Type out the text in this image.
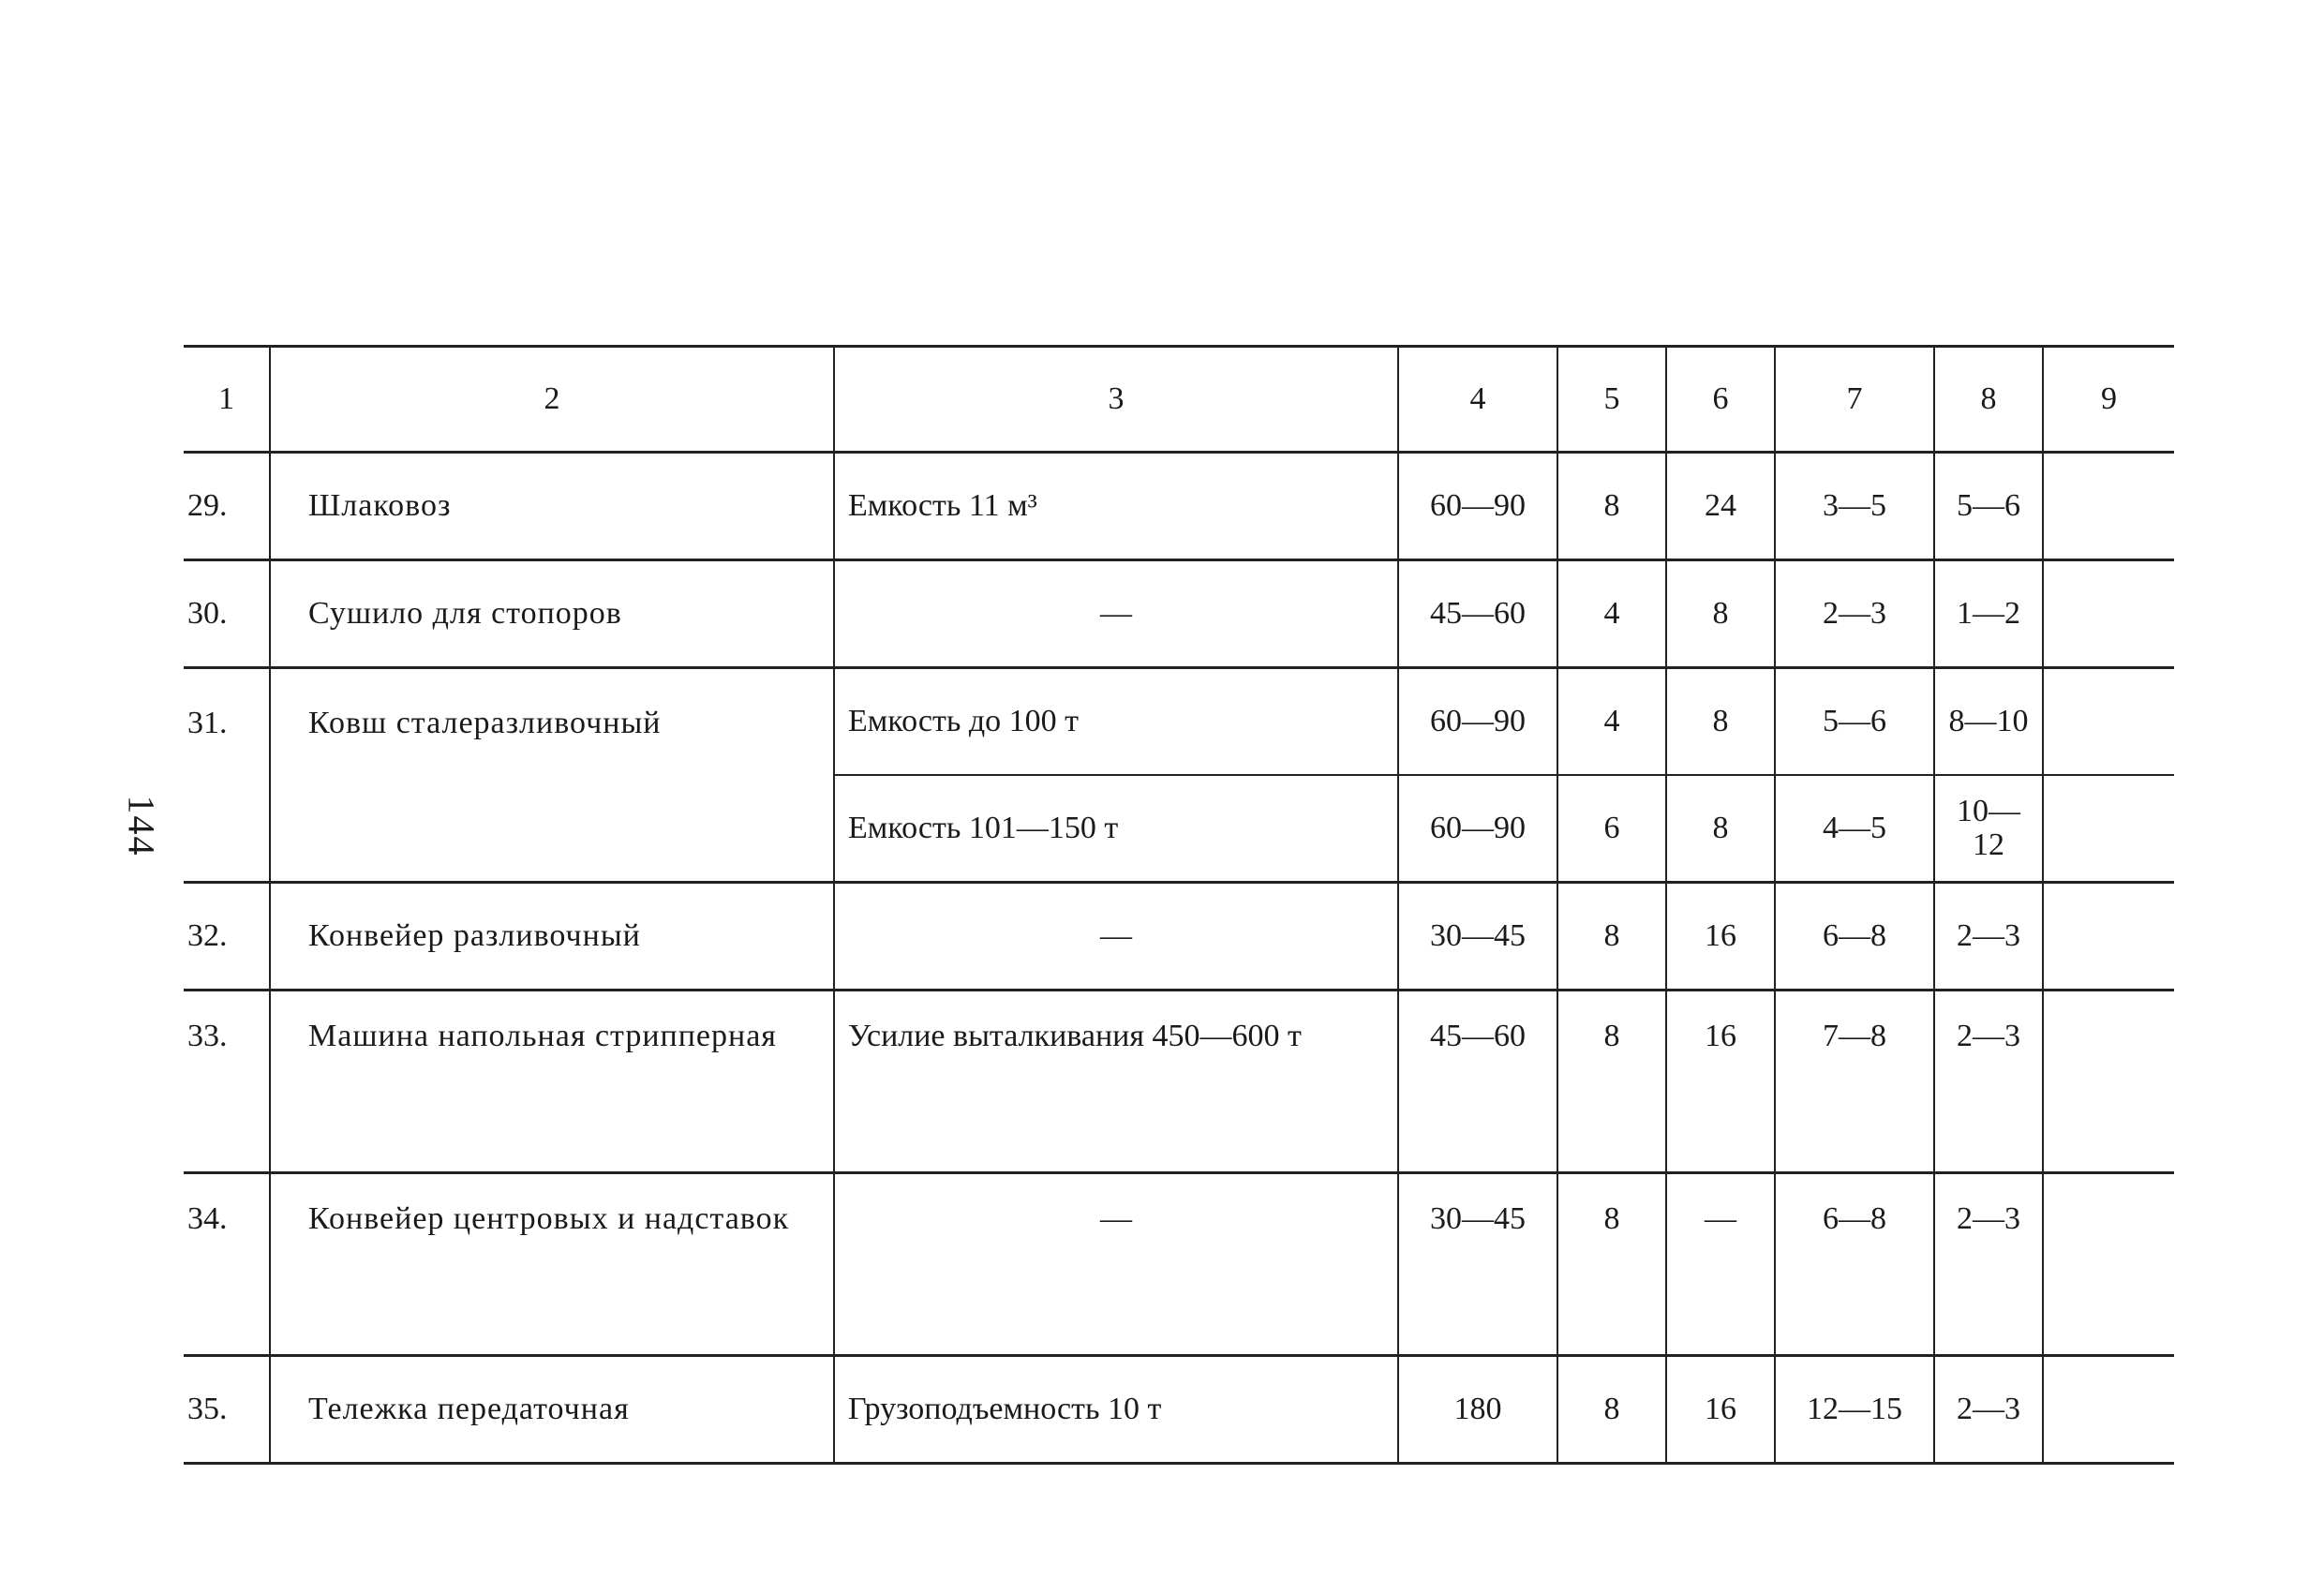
144
1	2	3	4	5	6	7	8	9
29.	Шлаковоз	Емкость 11 м³	60—90	8	24	3—5	5—6	
30.	Сушило для стопоров	—	45—60	4	8	2—3	1—2	
31.	Ковш сталеразливочный	Емкость до 100 т	60—90	4	8	5—6	8—10	
		Емкость 101—150 т	60—90	6	8	4—5	10—12	
32.	Конвейер разливочный	—	30—45	8	16	6—8	2—3	
33.	Машина напольная стрипперная	Усилие выталкивания 450—600 т	45—60	8	16	7—8	2—3	
34.	Конвейер центровых и надставок	—	30—45	8	—	6—8	2—3	
35.	Тележка передаточная	Грузоподъемность 10 т	180	8	16	12—15	2—3	
